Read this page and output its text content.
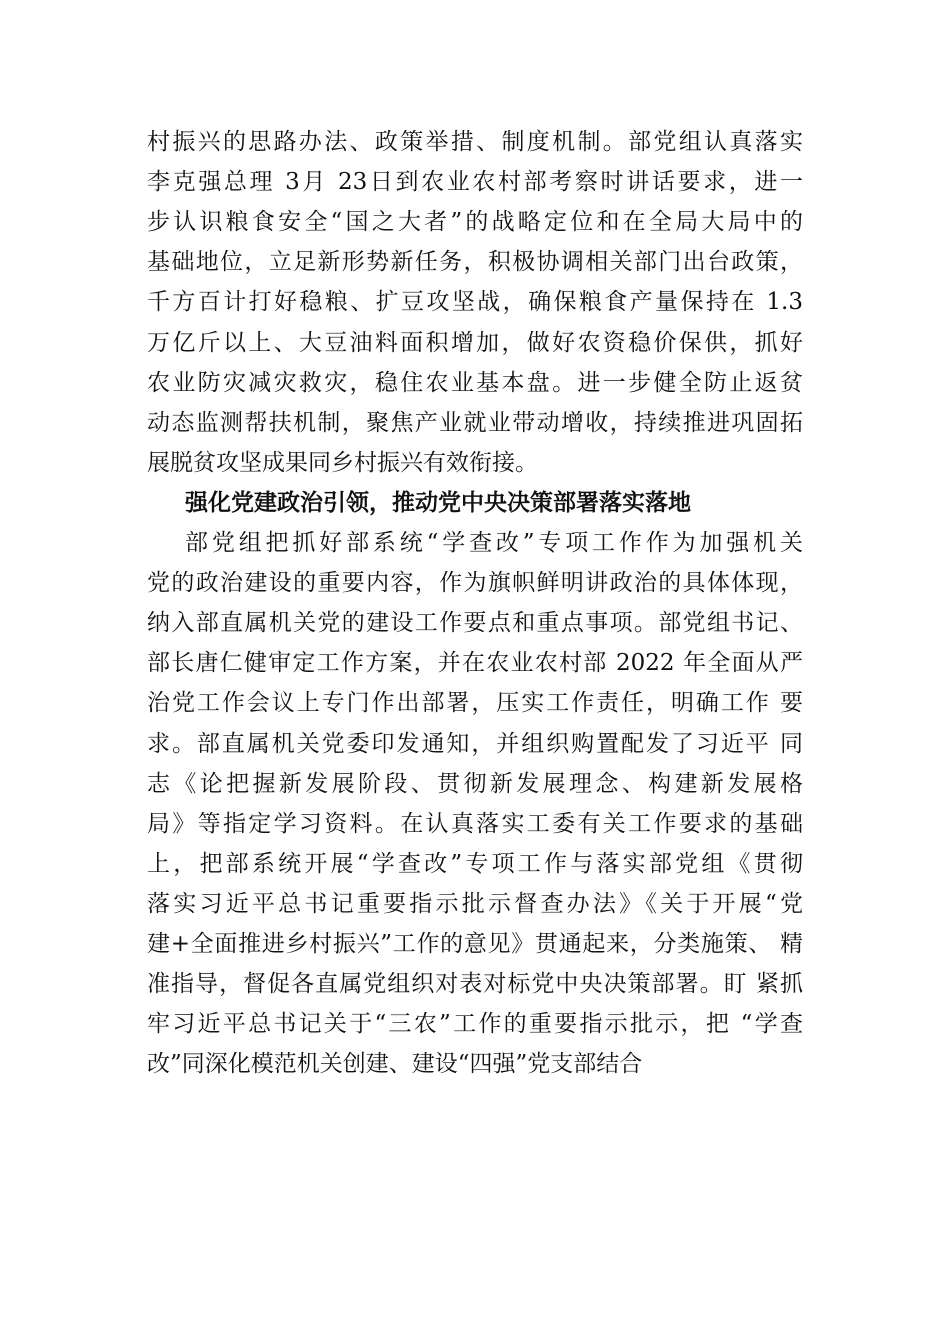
村振兴的思路办法、政策举措、制度机制。部党组认真落实
李克强总理 3月 23日到农业农村部考察时讲话要求，进一
步认识粮食安全“国之大者”的战略定位和在全局大局中的
基础地位，立足新形势新任务，积极协调相关部门出台政策，
千方百计打好稳粮、扩豆攻坚战，确保粮食产量保持在 1.3
万亿斤以上、大豆油料面积增加，做好农资稳价保供，抓好
农业防灾减灾救灾，稳住农业基本盘。进一步健全防止返贫
动态监测帮扶机制，聚焦产业就业带动增收，持续推进巩固拓
展脱贫攻坚成果同乡村振兴有效衔接。
强化党建政治引领，推动党中央决策部署落实落地
部党组把抓好部系统“学查改”专项工作作为加强机关
党的政治建设的重要内容，作为旗帜鲜明讲政治的具体体现，
纳入部直属机关党的建设工作要点和重点事项。部党组书记、
部长唐仁健审定工作方案，并在农业农村部 2022 年全面从严
治党工作会议上专门作出部署，压实工作责任，明确工作 要
求。部直属机关党委印发通知，并组织购置配发了习近平 同
志《论把握新发展阶段、贯彻新发展理念、构建新发展格
局》等指定学习资料。在认真落实工委有关工作要求的基础
上，把部系统开展“学查改”专项工作与落实部党组《贯彻
落实习近平总书记重要指示批示督查办法》《关于开展“党
建+全面推进乡村振兴”工作的意见》贯通起来，分类施策、 精
准指导，督促各直属党组织对表对标党中央决策部署。盯 紧抓
牢习近平总书记关于“三农”工作的重要指示批示，把 “学查
改”同深化模范机关创建、建设“四强”党支部结合
